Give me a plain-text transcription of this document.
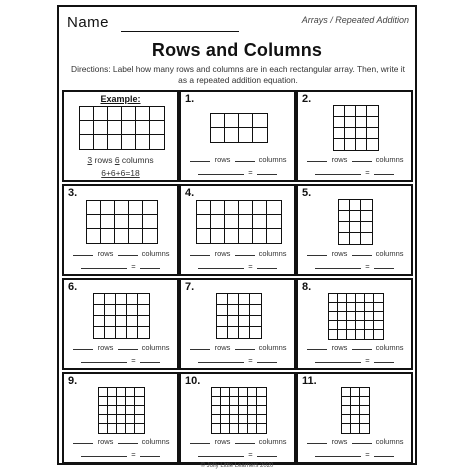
Name	Arrays / Repeated Addition
Rows and Columns
Directions: Label how many rows and columns are in each rectangular array. Then, write it as a repeated addition equation.
Example:
3 rows 6 columns
6+6+6=18
1.
rows	columns
=
2.
rows	columns
=
3.
rows	columns
=
4.
rows	columns
=
5.
rows	columns
=
6.
rows	columns
=
7.
rows	columns
=
8.
rows	columns
=
9.
rows	columns
=
10.
rows	columns
=
11.
rows	columns
=
© Jolly Little Learners 2020
